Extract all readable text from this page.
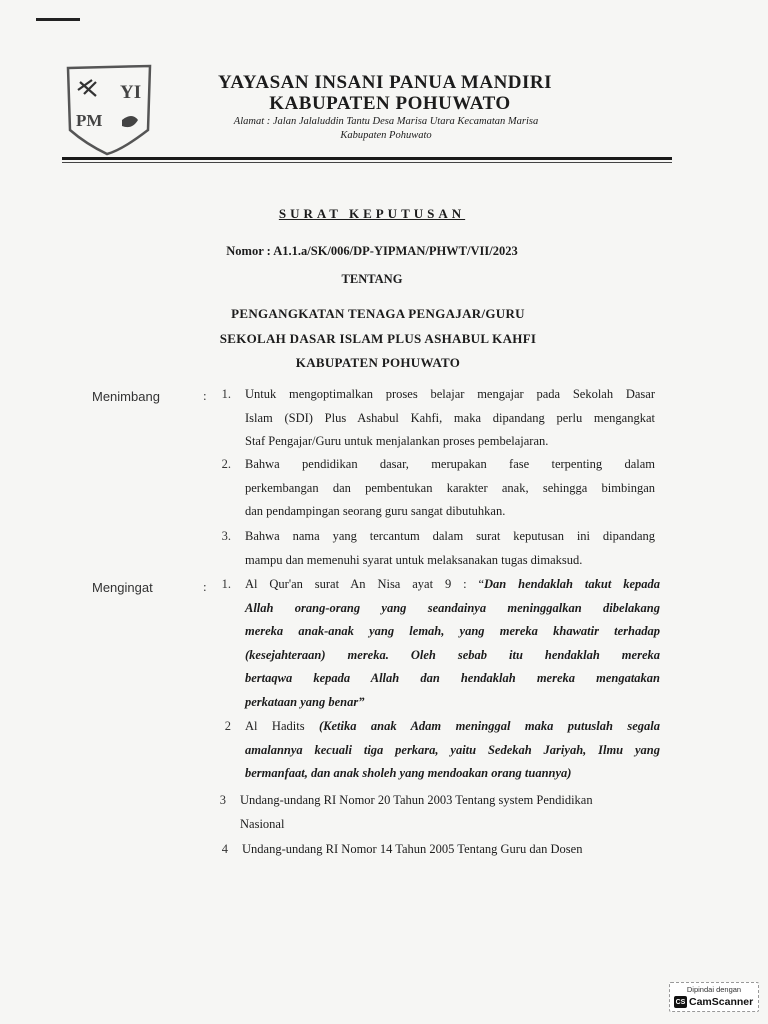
YI
PM
YAYASAN INSANI PANUA MANDIRI
KABUPATEN POHUWATO
Alamat : Jalan Jalaluddin Tantu Desa Marisa Utara Kecamatan Marisa
Kabupaten Pohuwato
SURAT KEPUTUSAN
Nomor : A1.1.a/SK/006/DP-YIPMAN/PHWT/VII/2023
TENTANG
PENGANGKATAN TENAGA PENGAJAR/GURU
SEKOLAH DASAR ISLAM PLUS ASHABUL KAHFI
KABUPATEN POHUWATO
Menimbang	:	1. Untuk mengoptimalkan proses belajar mengajar pada Sekolah Dasar
Islam (SDI) Plus Ashabul Kahfi, maka dipandang perlu mengangkat
Staf Pengajar/Guru untuk menjalankan proses pembelajaran.
2. Bahwa pendidikan dasar, merupakan fase terpenting dalam
perkembangan dan pembentukan karakter anak, sehingga bimbingan
dan pendampingan seorang guru sangat dibutuhkan.
3. Bahwa nama yang tercantum dalam surat keputusan ini dipandang
mampu dan memenuhi syarat untuk melaksanakan tugas dimaksud.
Mengingat	:	1. Al Qur'an surat An Nisa ayat 9 : “Dan hendaklah takut kepada
Allah orang-orang yang seandainya meninggalkan dibelakang
mereka anak-anak yang lemah, yang mereka khawatir terhadap
(kesejahteraan) mereka. Oleh sebab itu hendaklah mereka
bertaqwa kepada Allah dan hendaklah mereka mengatakan
perkataan yang benar”
2 Al Hadits (Ketika anak Adam meninggal maka putuslah segala
amalannya kecuali tiga perkara, yaitu Sedekah Jariyah, Ilmu yang
bermanfaat, dan anak sholeh yang mendoakan orang tuannya)
3 Undang-undang RI Nomor 20 Tahun 2003 Tentang system Pendidikan
Nasional
4 Undang-undang RI Nomor 14 Tahun 2005 Tentang Guru dan Dosen
Dipindai dengan
CS CamScanner
